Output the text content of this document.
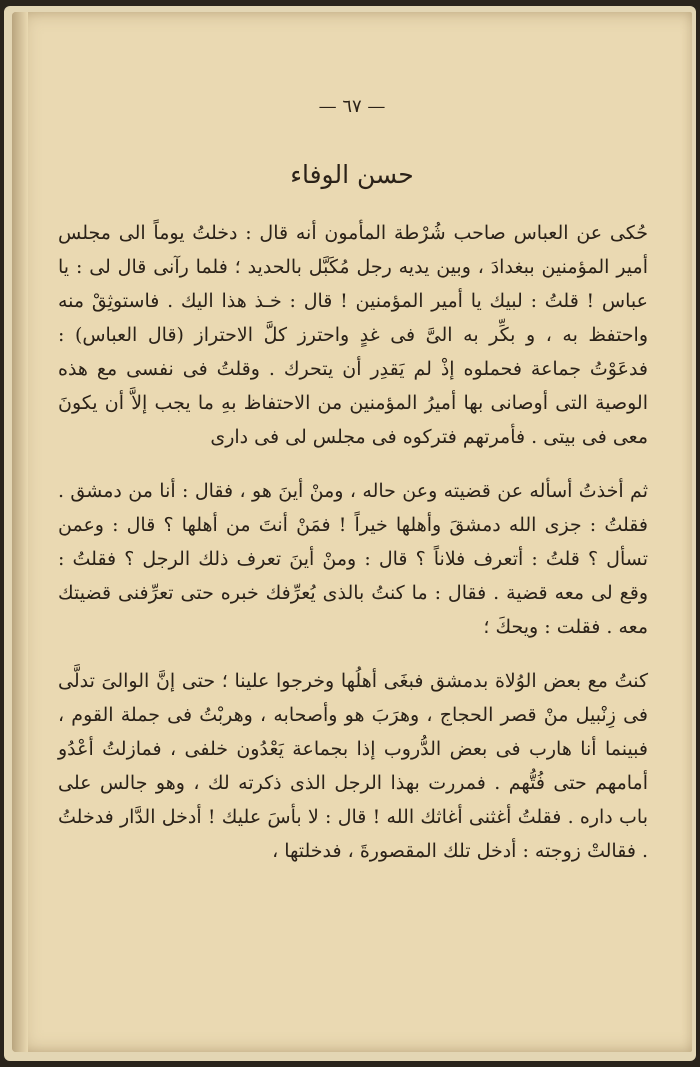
— ٦٧ —
حسن الوفاء

حُكى عن العباس صاحب شُرْطة المأمون أنه قال : دخلتُ يوماً الى مجلس أمير المؤمنين ببغدادَ ، وبين يديه رجل مُكَبَّل بالحديد ؛ فلما رآنى قال لى : يا عباس ! قلتُ : لبيك يا أمير المؤمنين ! قال : خـذ هذا اليك . فاستوثِقْ منه واحتفظ به ، و بكِّر به الىَّ فى غدٍ واحترز كلَّ الاحتراز (قال العباس) : فدعَوْتُ جماعة فحملوه إذْ لم يَقدِر أن يتحرك . وقلتُ فى نفسى مع هذه الوصية التى أوصانى بها أميرُ المؤمنين من الاحتفاظ بهِ ما يجب إلاَّ أن يكونَ معى فى بيتى . فأمرتهم فتركوه فى مجلس لى فى دارى

ثم أخذتُ أسأله عن قضيته وعن حاله ، ومنْ أينَ هو ، فقال : أنا من دمشق . فقلتُ : جزى الله دمشقَ وأهلها خيراً ! فمَنْ أنتَ من أهلها ؟ قال : وعمن تسأل ؟ قلتُ : أتعرف فلاناً ؟ قال : ومنْ أينَ تعرف ذلك الرجل ؟ فقلتُ : وقع لى معه قضية . فقال : ما كنتُ بالذى يُعرِّفك خبره حتى تعرِّفنى قضيتك معه . فقلت : ويحكَ ؛

كنتُ مع بعض الوُلاة بدمشق فبغَى أهلُها وخرجوا علينا ؛ حتى إنَّ الوالىَ تدلَّى فى زِنْبيل منْ قصر الحجاج ، وهرَبَ هو وأصحابه ، وهربْتُ فى جملة القوم ، فبينما أنا هارب فى بعض الدُّروب إذا بجماعة يَعْدُون خلفى ، فمازلتُ أعْدُو أمامهم حتى فُتُّهم . فمررت بهذا الرجل الذى ذكرته لك ، وهو جالس على باب داره . فقلتُ أغثنى أغاثك الله ! قال : لا بأسَ عليك ! أدخل الدَّار فدخلتُ . فقالتْ زوجته : أدخل تلك المقصورةَ ، فدخلتها ،
